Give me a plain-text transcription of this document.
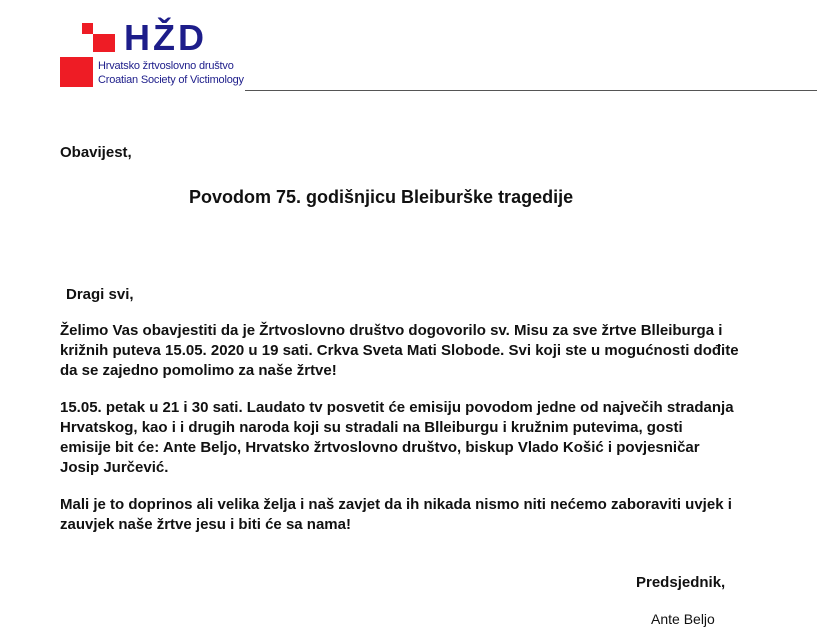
HŽD
Hrvatsko žrtvoslovno društvo
Croatian Society of Victimology
Obavijest,
Povodom 75. godišnjicu Bleiburške tragedije
Dragi svi,
Želimo Vas obavjestiti da je Žrtvoslovno društvo dogovorilo sv. Misu za sve žrtve Blleiburga i
križnih puteva 15.05. 2020 u 19 sati. Crkva Sveta Mati Slobode. Svi koji ste u mogućnosti dođite
da se zajedno pomolimo za naše žrtve!
15.05. petak u 21 i 30 sati. Laudato tv posvetit će emisiju povodom jedne od največih stradanja
Hrvatskog, kao i i drugih naroda koji su stradali na Blleiburgu i kružnim putevima, gosti
emisije bit će: Ante Beljo, Hrvatsko žrtvoslovno društvo, biskup Vlado Košić i povjesničar
Josip Jurčević.
Mali je to doprinos ali velika želja i naš zavjet da ih nikada nismo niti nećemo zaboraviti uvjek i
zauvjek naše žrtve jesu i biti će sa nama!
Predsjednik,
Ante Beljo
